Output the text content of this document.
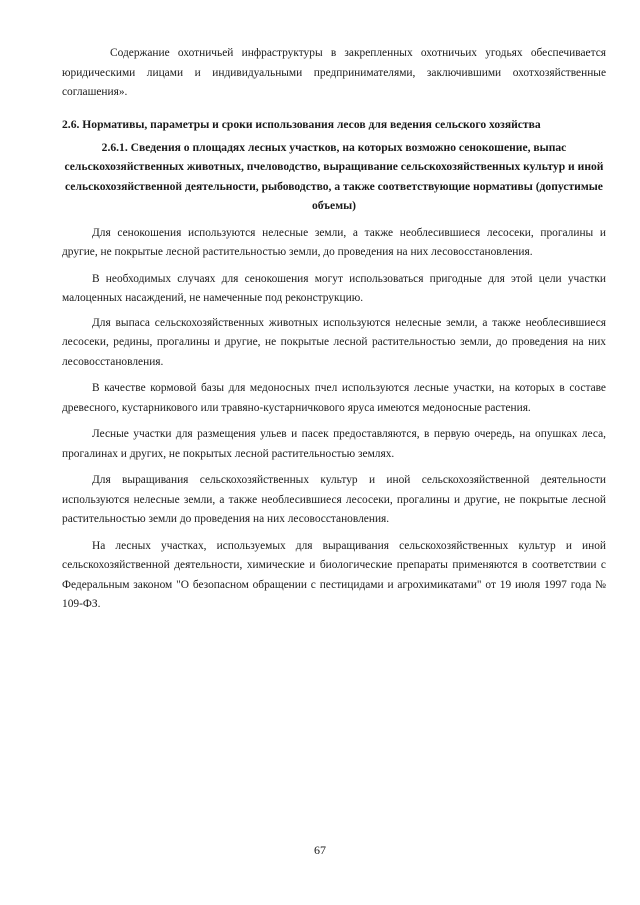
Содержание охотничьей инфраструктуры в закрепленных охотничьих угодьях обеспечивается юридическими лицами и индивидуальными предпринимателями, заключившими охотхозяйственные соглашения».

2.6. Нормативы, параметры и сроки использования лесов для ведения сельского хозяйства
2.6.1. Сведения о площадях лесных участков, на которых возможно сенокошение, выпас сельскохозяйственных животных, пчеловодство, выращивание сельскохозяйственных культур и иной сельскохозяйственной деятельности, рыбоводство, а также соответствующие нормативы (допустимые объемы)

Для сенокошения используются нелесные земли, а также необлесившиеся лесосеки, прогалины и другие, не покрытые лесной растительностью земли, до проведения на них лесовосстановления.

В необходимых случаях для сенокошения могут использоваться пригодные для этой цели участки малоценных насаждений, не намеченные под реконструкцию.

Для выпаса сельскохозяйственных животных используются нелесные земли, а также необлесившиеся лесосеки, редины, прогалины и другие, не покрытые лесной растительностью земли, до проведения на них лесовосстановления.

В качестве кормовой базы для медоносных пчел используются лесные участки, на которых в составе древесного, кустарникового или травяно-кустарничкового яруса имеются медоносные растения.

Лесные участки для размещения ульев и пасек предоставляются, в первую очередь, на опушках леса, прогалинах и других, не покрытых лесной растительностью землях.

Для выращивания сельскохозяйственных культур и иной сельскохозяйственной деятельности используются нелесные земли, а также необлесившиеся лесосеки, прогалины и другие, не покрытые лесной растительностью земли до проведения на них лесовосстановления.

На лесных участках, используемых для выращивания сельскохозяйственных культур и иной сельскохозяйственной деятельности, химические и биологические препараты применяются в соответствии с Федеральным законом "О безопасном обращении с пестицидами и агрохимикатами" от 19 июля 1997 года № 109-ФЗ.

67
